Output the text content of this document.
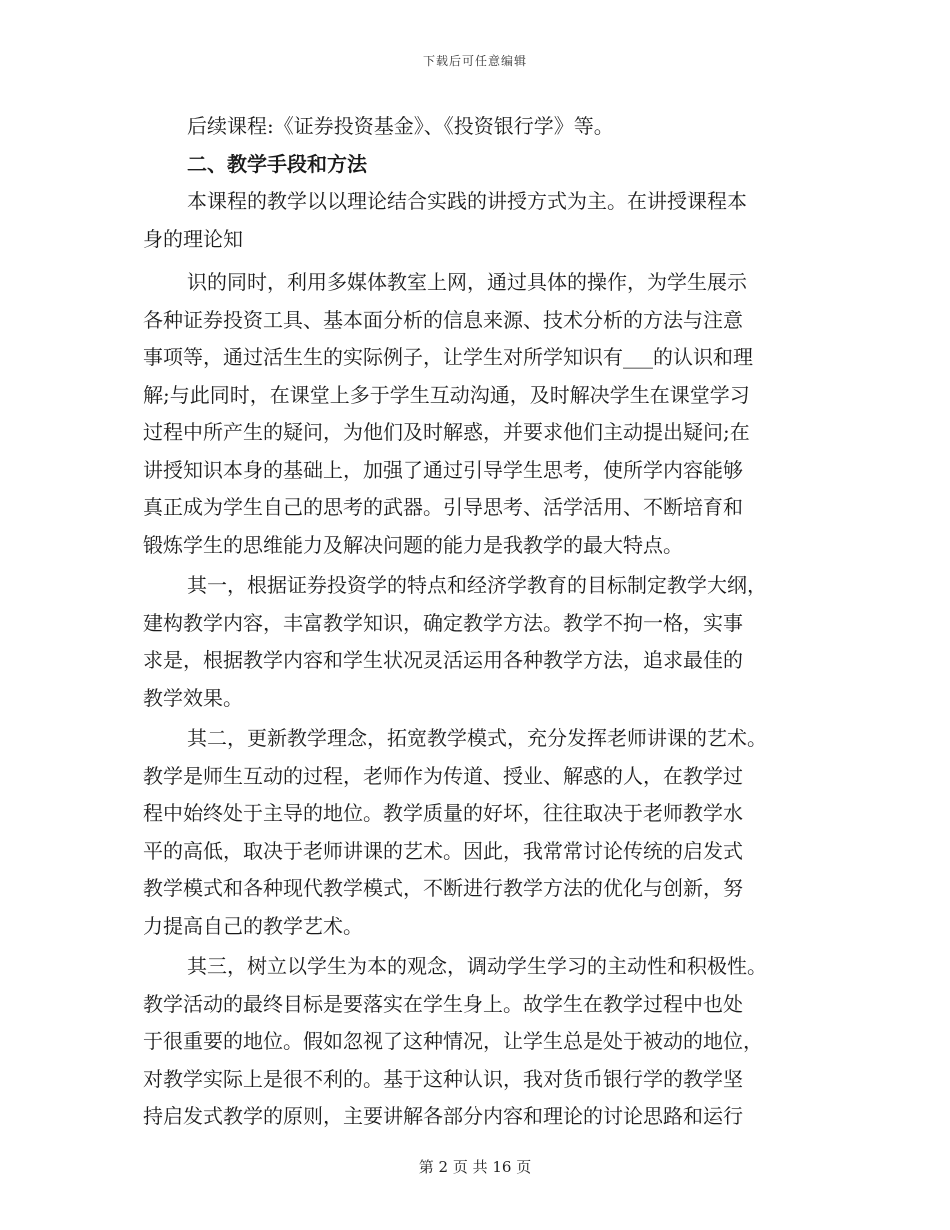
下载后可任意编辑
后续课程:《证券投资基金》、《投资银行学》等。
二、教学手段和方法
本课程的教学以以理论结合实践的讲授方式为主。在讲授课程本
身的理论知
识的同时，利用多媒体教室上网，通过具体的操作，为学生展示
各种证券投资工具、基本面分析的信息来源、技术分析的方法与注意
事项等，通过活生生的实际例子，让学生对所学知识有___的认识和理
解;与此同时，在课堂上多于学生互动沟通，及时解决学生在课堂学习
过程中所产生的疑问，为他们及时解惑，并要求他们主动提出疑问;在
讲授知识本身的基础上，加强了通过引导学生思考，使所学内容能够
真正成为学生自己的思考的武器。引导思考、活学活用、不断培育和
锻炼学生的思维能力及解决问题的能力是我教学的最大特点。
其一，根据证券投资学的特点和经济学教育的目标制定教学大纲，
建构教学内容，丰富教学知识，确定教学方法。教学不拘一格，实事
求是，根据教学内容和学生状况灵活运用各种教学方法，追求最佳的
教学效果。
其二，更新教学理念，拓宽教学模式，充分发挥老师讲课的艺术。
教学是师生互动的过程，老师作为传道、授业、解惑的人，在教学过
程中始终处于主导的地位。教学质量的好坏，往往取决于老师教学水
平的高低，取决于老师讲课的艺术。因此，我常常讨论传统的启发式
教学模式和各种现代教学模式，不断进行教学方法的优化与创新，努
力提高自己的教学艺术。
其三，树立以学生为本的观念，调动学生学习的主动性和积极性。
教学活动的最终目标是要落实在学生身上。故学生在教学过程中也处
于很重要的地位。假如忽视了这种情况，让学生总是处于被动的地位，
对教学实际上是很不利的。基于这种认识，我对货币银行学的教学坚
持启发式教学的原则，主要讲解各部分内容和理论的讨论思路和运行
第 2 页 共 16 页
